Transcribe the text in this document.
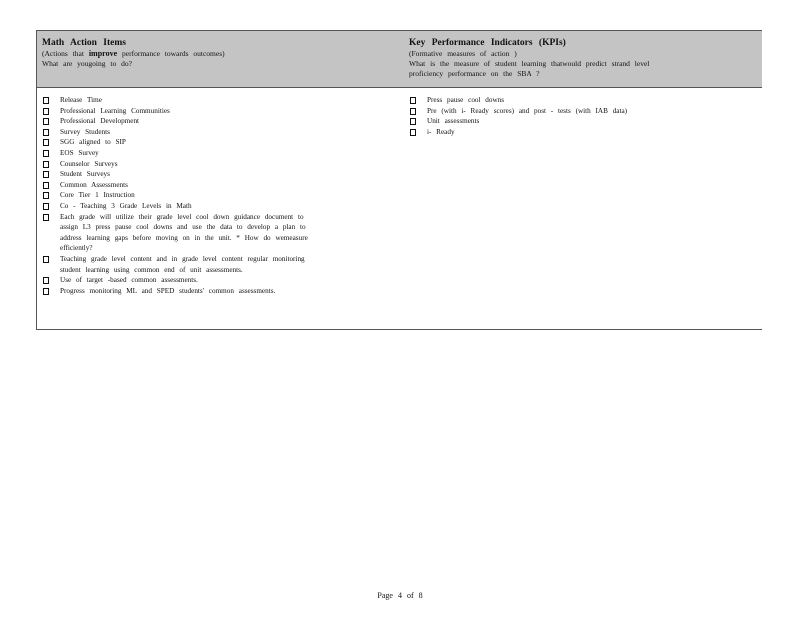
Math Action Items
(Actions that improve performance towards outcomes)
What are yougoing to do?
Key Performance Indicators (KPIs)
(Formative measures of action )
What is the measure of student learning thatwould predict strand level
proficiency performance on the SBA ?
Release Time
Professional Learning Communities
Professional Development
Survey Students
SGG aligned to SIP
EOS Survey
Counselor Surveys
Student Surveys
Common Assessments
Core Tier 1 Instruction
Co - Teaching 3 Grade Levels in Math
Each grade will utilize their grade level cool down guidance document to
assign L3 press pause cool downs and use the data to develop a plan to
address learning gaps before moving on in the unit. * How do wemeasure
efficiently?
Teaching grade level content and in grade level content regular monitoring
student learning using common end of unit assessments.
Use of target -based common assessments.
Progress monitoring ML and SPED students' common assessments.
Press pause cool downs
Pre (with i- Ready scores) and post - tests (with IAB data)
Unit assessments
i- Ready
Page 4 of 8
